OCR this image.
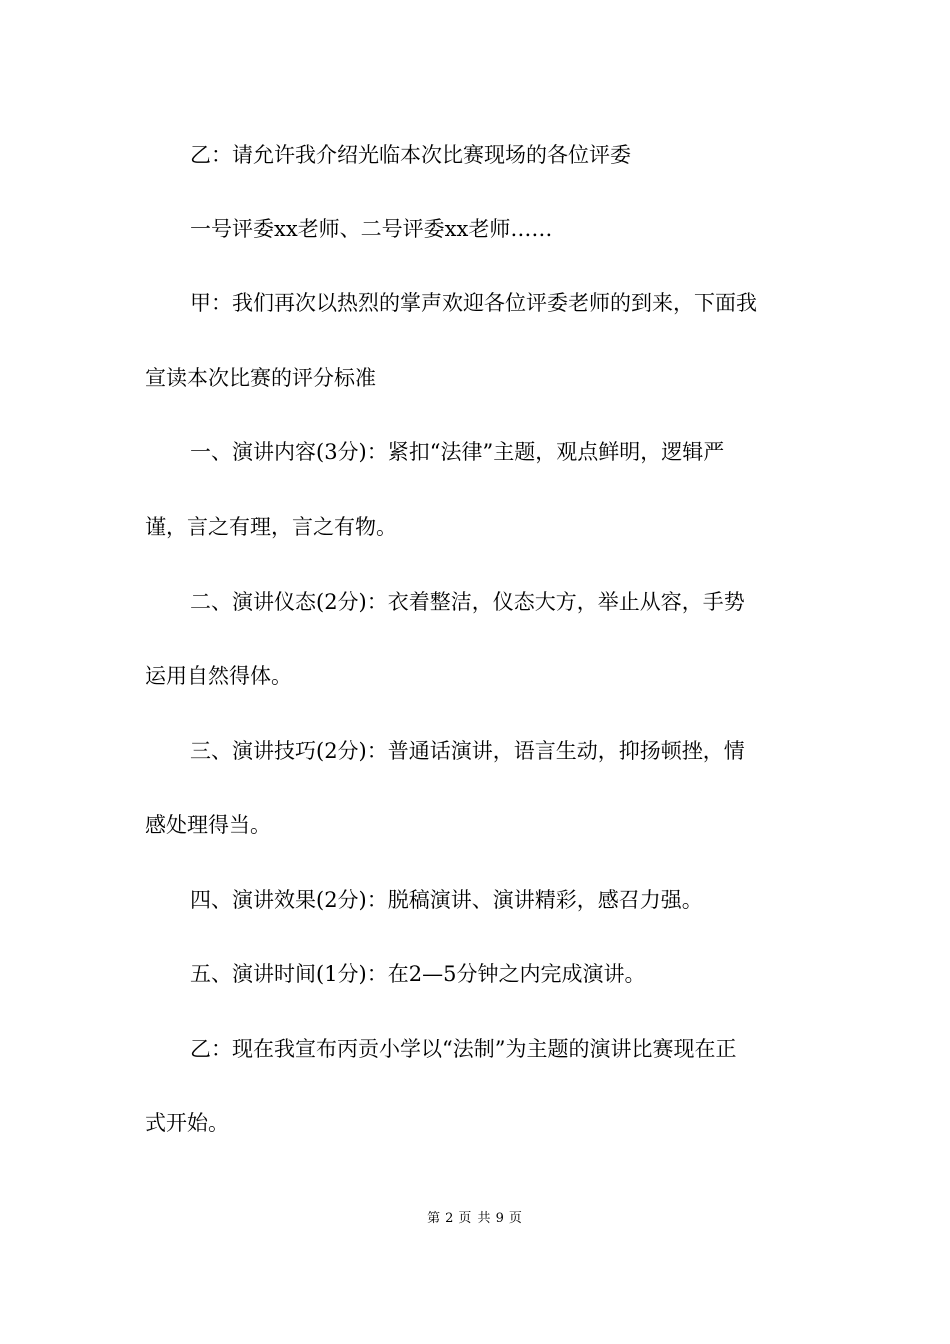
乙：请允许我介绍光临本次比赛现场的各位评委
一号评委xx老师、二号评委xx老师……
甲：我们再次以热烈的掌声欢迎各位评委老师的到来，下面我
宣读本次比赛的评分标准
一、演讲内容(3分)：紧扣“法律”主题，观点鲜明，逻辑严
谨，言之有理，言之有物。
二、演讲仪态(2分)：衣着整洁，仪态大方，举止从容，手势
运用自然得体。
三、演讲技巧(2分)：普通话演讲，语言生动，抑扬顿挫，情
感处理得当。
四、演讲效果(2分)：脱稿演讲、演讲精彩，感召力强。
五、演讲时间(1分)：在2—5分钟之内完成演讲。
乙：现在我宣布丙贡小学以“法制”为主题的演讲比赛现在正
式开始。
第 2 页 共 9 页
